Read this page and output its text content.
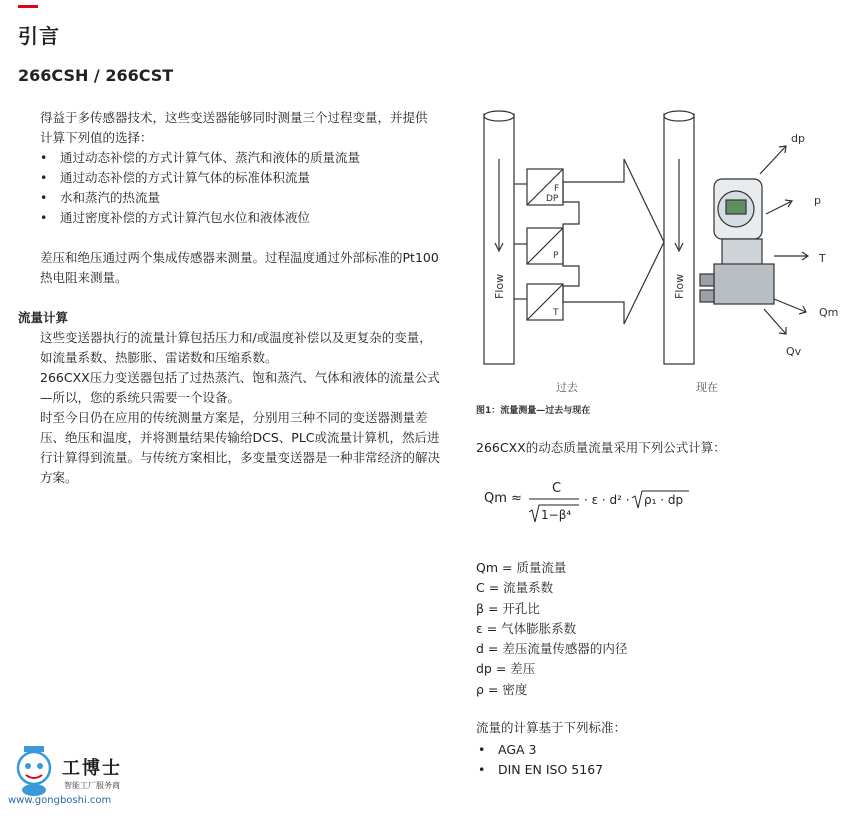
引言
266CSH / 266CST

得益于多传感器技术，这些变送器能够同时测量三个过程变量，并提供计算下列值的选择：

• 通过动态补偿的方式计算气体、蒸汽和液体的质量流量
• 通过动态补偿的方式计算气体的标准体积流量
• 水和蒸汽的热流量
• 通过密度补偿的方式计算汽包水位和液体液位
差压和绝压通过两个集成传感器来测量。过程温度通过外部标准的Pt100热电阻来测量。
流量计算

这些变送器执行的流量计算包括压力和/或温度补偿以及更复杂的变量，如流量系数、热膨胀、雷诺数和压缩系数。

266CXX压力变送器包括了过热蒸汽、饱和蒸汽、气体和液体的流量公式—所以，您的系统只需要一个设备。

时至今日仍在应用的传统测量方案是，分别用三种不同的变送器测量差压、绝压和温度，并将测量结果传输给DCS、PLC或流量计算机，然后进行计算得到流量。与传统方案相比，多变量变送器是一种非常经济的解决方案。

Flow	Flow
F
DP
P
T
dp
p
T
Qm
Qv
过去	现在
图1：流量测量—过去与现在
266CXX的动态质量流量采用下列公式计算：
Qm ≈
C
1−β⁴
· ε · d² · ρ₁ · dp
Qm = 质量流量
C = 流量系数
β = 开孔比
ε = 气体膨胀系数
d = 差压流量传感器的内径
dp = 差压
ρ = 密度
流量的计算基于下列标准：
• AGA 3
• DIN EN ISO 5167
工博士
智能工厂服务商
www.gongboshi.com
